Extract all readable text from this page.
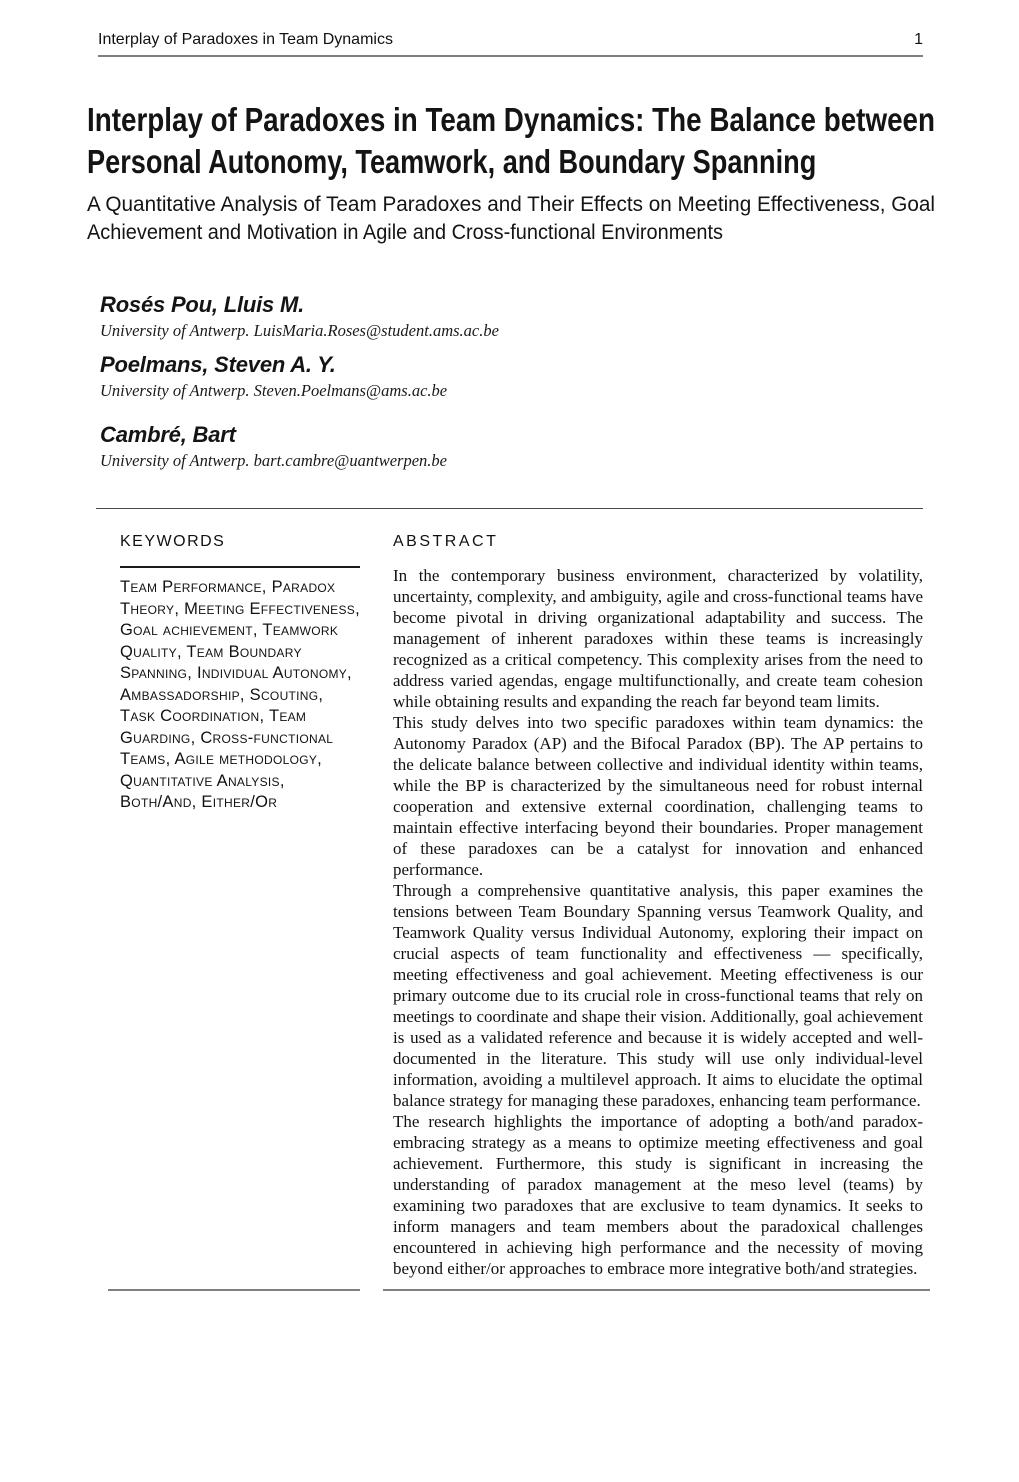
Interplay of Paradoxes in Team Dynamics	1
Interplay of Paradoxes in Team Dynamics: The Balance between
Personal Autonomy, Teamwork, and Boundary Spanning
A Quantitative Analysis of Team Paradoxes and Their Effects on Meeting Effectiveness, Goal
Achievement and Motivation in Agile and Cross-functional Environments
Rosés Pou, Lluis M.
University of Antwerp. LuisMaria.Roses@student.ams.ac.be
Poelmans, Steven A. Y.
University of Antwerp. Steven.Poelmans@ams.ac.be
Cambré, Bart
University of Antwerp. bart.cambre@uantwerpen.be
KEYWORDS
Team Performance, Paradox Theory, Meeting Effectiveness, Goal achievement, Teamwork Quality, Team Boundary Spanning, Individual Autonomy, Ambassadorship, Scouting, Task Coordination, Team Guarding, Cross-functional Teams, Agile methodology, Quantitative Analysis, Both/And, Either/Or
ABSTRACT

In the contemporary business environment, characterized by volatility, uncertainty, complexity, and ambiguity, agile and cross-functional teams have become pivotal in driving organizational adaptability and success. The management of inherent paradoxes within these teams is increasingly recognized as a critical competency. This complexity arises from the need to address varied agendas, engage multifunctionally, and create team cohesion while obtaining results and expanding the reach far beyond team limits.

This study delves into two specific paradoxes within team dynamics: the Autonomy Paradox (AP) and the Bifocal Paradox (BP). The AP pertains to the delicate balance between collective and individual identity within teams, while the BP is characterized by the simultaneous need for robust internal cooperation and extensive external coordination, challenging teams to maintain effective interfacing beyond their boundaries. Proper management of these paradoxes can be a catalyst for innovation and enhanced performance.

Through a comprehensive quantitative analysis, this paper examines the tensions between Team Boundary Spanning versus Teamwork Quality, and Teamwork Quality versus Individual Autonomy, exploring their impact on crucial aspects of team functionality and effectiveness — specifically, meeting effectiveness and goal achievement. Meeting effectiveness is our primary outcome due to its crucial role in cross-functional teams that rely on meetings to coordinate and shape their vision. Additionally, goal achievement is used as a validated reference and because it is widely accepted and well-documented in the literature. This study will use only individual-level information, avoiding a multilevel approach. It aims to elucidate the optimal balance strategy for managing these paradoxes, enhancing team performance.

The research highlights the importance of adopting a both/and paradox-embracing strategy as a means to optimize meeting effectiveness and goal achievement. Furthermore, this study is significant in increasing the understanding of paradox management at the meso level (teams) by examining two paradoxes that are exclusive to team dynamics. It seeks to inform managers and team members about the paradoxical challenges encountered in achieving high performance and the necessity of moving beyond either/or approaches to embrace more integrative both/and strategies.
